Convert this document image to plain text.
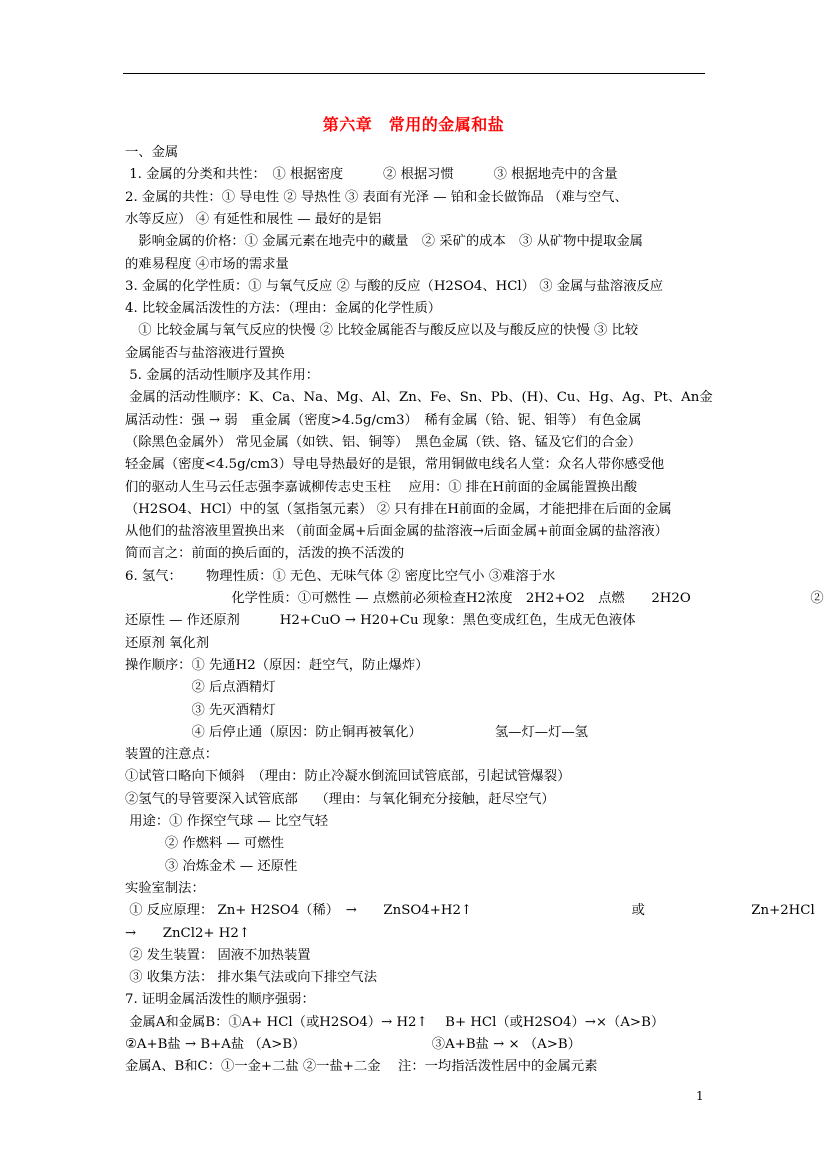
第六章　常用的金属和盐
一、金属
1. 金属的分类和共性：　① 根据密度　　　② 根据习惯　　　③ 根据地壳中的含量
2. 金属的共性：① 导电性 ② 导热性 ③ 表面有光泽 — 铂和金长做饰品 （难与空气、
水等反应） ④ 有延性和展性 — 最好的是铝
　影响金属的价格：① 金属元素在地壳中的藏量　② 采矿的成本　③ 从矿物中提取金属
的难易程度 ④市场的需求量
3. 金属的化学性质：① 与氧气反应 ② 与酸的反应（H2SO4、HCl） ③ 金属与盐溶液反应
4. 比较金属活泼性的方法：（理由：金属的化学性质）
　① 比较金属与氧气反应的快慢 ② 比较金属能否与酸反应以及与酸反应的快慢 ③ 比较
金属能否与盐溶液进行置换
5. 金属的活动性顺序及其作用：
金属的活动性顺序：K、Ca、Na、Mg、Al、Zn、Fe、Sn、Pb、(H)、Cu、Hg、Ag、Pt、An金
属活动性：强 → 弱　重金属（密度>4.5g/cm3）　稀有金属（铪、铌、钼等） 有色金属
（除黑色金属外） 常见金属（如铁、铝、铜等）　黑色金属（铁、铬、锰及它们的合金）
轻金属（密度<4.5g/cm3）导电导热最好的是银，常用铜做电线名人堂：众名人带你感受他
们的驱动人生马云任志强李嘉诚柳传志史玉柱　 应用：① 排在H前面的金属能置换出酸
（H2SO4、HCl）中的氢（氢指氢元素） ② 只有排在H前面的金属，才能把排在后面的金属
从他们的盐溶液里置换出来 （前面金属+后面金属的盐溶液→后面金属+前面金属的盐溶液）
简而言之：前面的换后面的，活泼的换不活泼的
6. 氢气：　　 物理性质：① 无色、无味气体 ② 密度比空气小 ③难溶于水
　　　　　　　　化学性质：①可燃性 — 点燃前必须检查H2浓度　2H2+O2　点燃　　2H2O　　　　　　　　　②
还原性 — 作还原剂　　　H2+CuO → H20+Cu 现象：黑色变成红色，生成无色液体
还原剂 氧化剂
操作顺序：① 先通H2（原因：赶空气，防止爆炸）
　　　　　② 后点酒精灯
　　　　　③ 先灭酒精灯
　　　　　④ 后停止通（原因：防止铜再被氧化）　　　　　　氢—灯—灯—氢
装置的注意点：
①试管口略向下倾斜　（理由：防止冷凝水倒流回试管底部，引起试管爆裂）
②氢气的导管要深入试管底部　 （理由：与氧化铜充分接触，赶尽空气）
用途：① 作探空气球 — 比空气轻
　　　② 作燃料 — 可燃性
　　　③ 冶炼金术 — 还原性
实验室制法：
① 反应原理： Zn+ H2SO4（稀）　→　　ZnSO4+H2↑　　　　　　　　　　　　或　　　　　　　　Zn+2HCl
→　　ZnCl2+ H2↑
② 发生装置： 固液不加热装置
③ 收集方法： 排水集气法或向下排空气法
7. 证明金属活泼性的顺序强弱：
金属A和金属B：①A+ HCl（或H2SO4）→ H2↑　 B+ HCl（或H2SO4）→×（A>B）
②A+B盐 → B+A盐 （A>B）　　　　　　　　　　③A+B盐 → × （A>B）
金属A、B和C：①一金+二盐 ②一盐+二金　 注：一均指活泼性居中的金属元素
1
